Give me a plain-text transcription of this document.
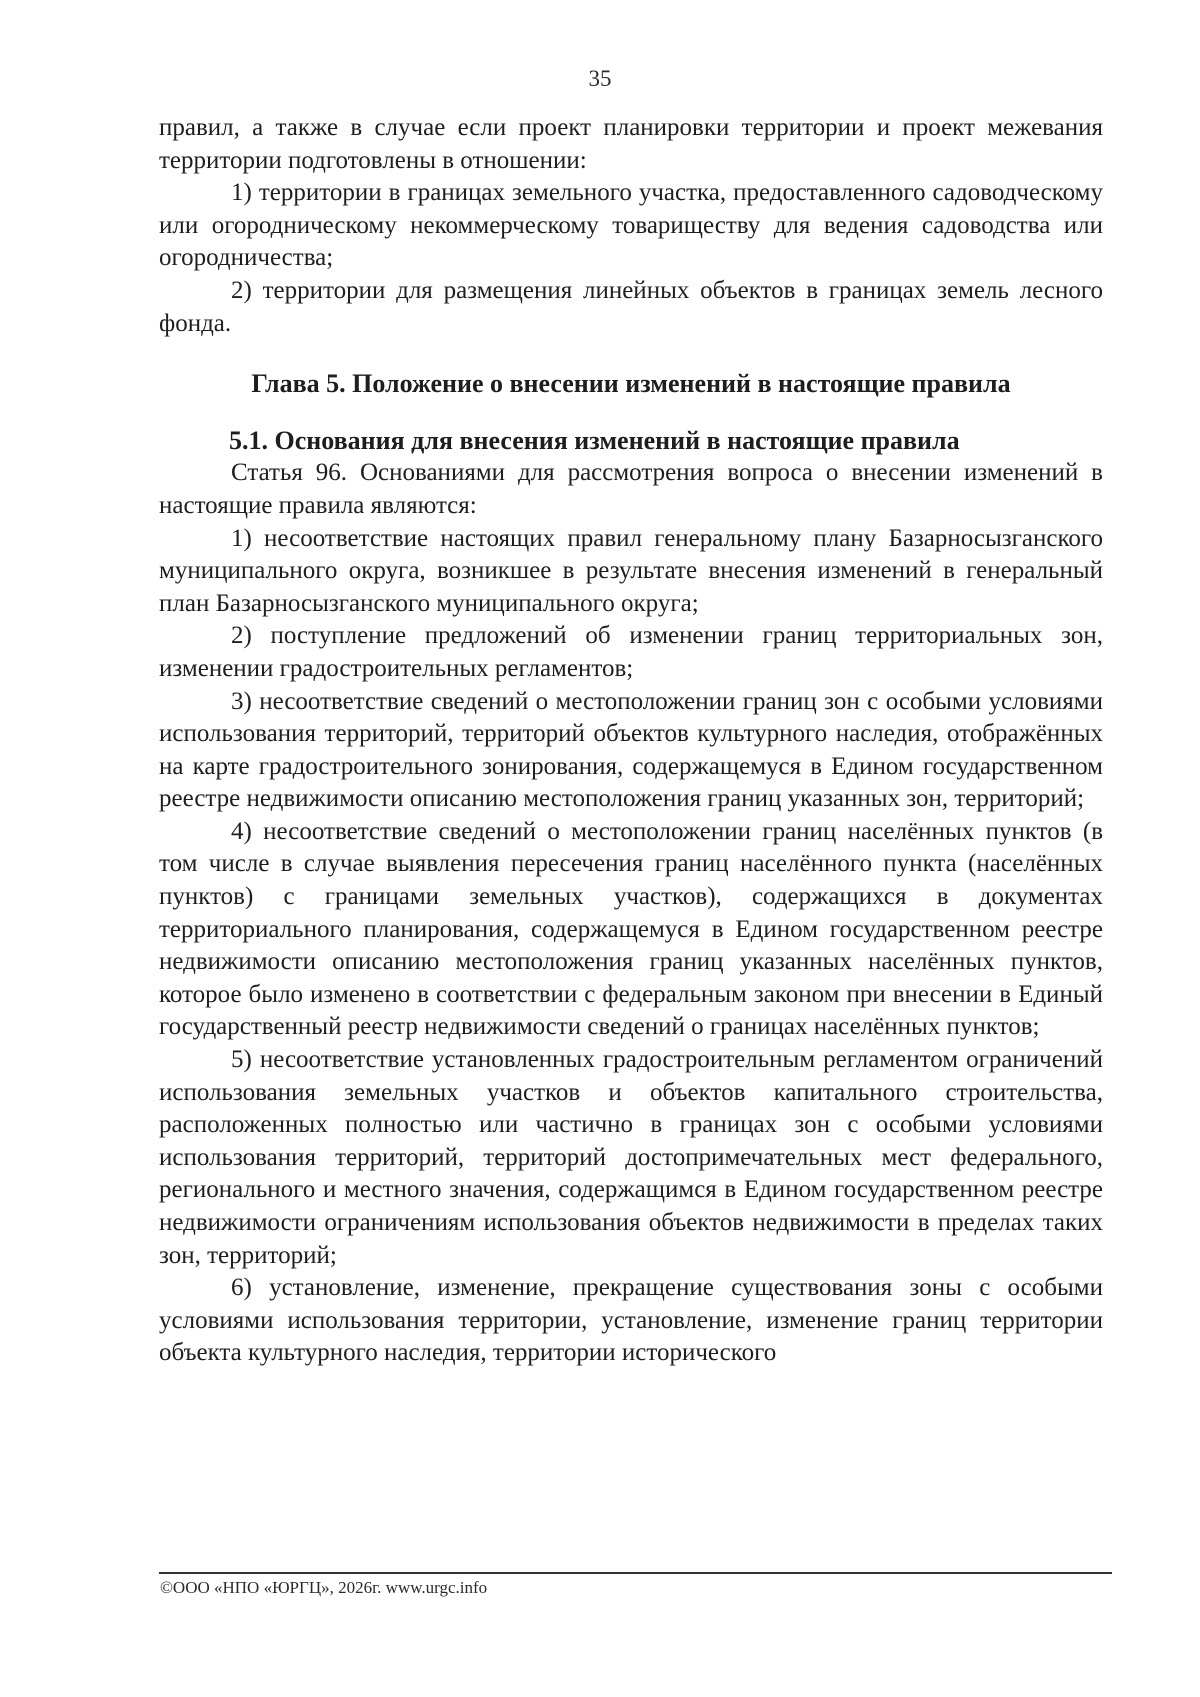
35

правил, а также в случае если проект планировки территории и проект межевания территории подготовлены в отношении:

1) территории в границах земельного участка, предоставленного садоводческому или огородническому некоммерческому товариществу для ведения садоводства или огородничества;

2) территории для размещения линейных объектов в границах земель лесного фонда.

Глава 5. Положение о внесении изменений в настоящие правила

5.1. Основания для внесения изменений в настоящие правила

Статья 96. Основаниями для рассмотрения вопроса о внесении изменений в настоящие правила являются:

1) несоответствие настоящих правил генеральному плану Базарносызганского муниципального округа, возникшее в результате внесения изменений в генеральный план Базарносызганского муниципального округа;

2) поступление предложений об изменении границ территориальных зон, изменении градостроительных регламентов;

3) несоответствие сведений о местоположении границ зон с особыми условиями использования территорий, территорий объектов культурного наследия, отображённых на карте градостроительного зонирования, содержащемуся в Едином государственном реестре недвижимости описанию местоположения границ указанных зон, территорий;

4) несоответствие сведений о местоположении границ населённых пунктов (в том числе в случае выявления пересечения границ населённого пункта (населённых пунктов) с границами земельных участков), содержащихся в документах территориального планирования, содержащемуся в Едином государственном реестре недвижимости описанию местоположения границ указанных населённых пунктов, которое было изменено в соответствии с федеральным законом при внесении в Единый государственный реестр недвижимости сведений о границах населённых пунктов;

5) несоответствие установленных градостроительным регламентом ограничений использования земельных участков и объектов капитального строительства, расположенных полностью или частично в границах зон с особыми условиями использования территорий, территорий достопримечательных мест федерального, регионального и местного значения, содержащимся в Едином государственном реестре недвижимости ограничениям использования объектов недвижимости в пределах таких зон, территорий;

6) установление, изменение, прекращение существования зоны с особыми условиями использования территории, установление, изменение границ территории объекта культурного наследия, территории исторического

©ООО «НПО «ЮРГЦ», 2026г. www.urgc.info
